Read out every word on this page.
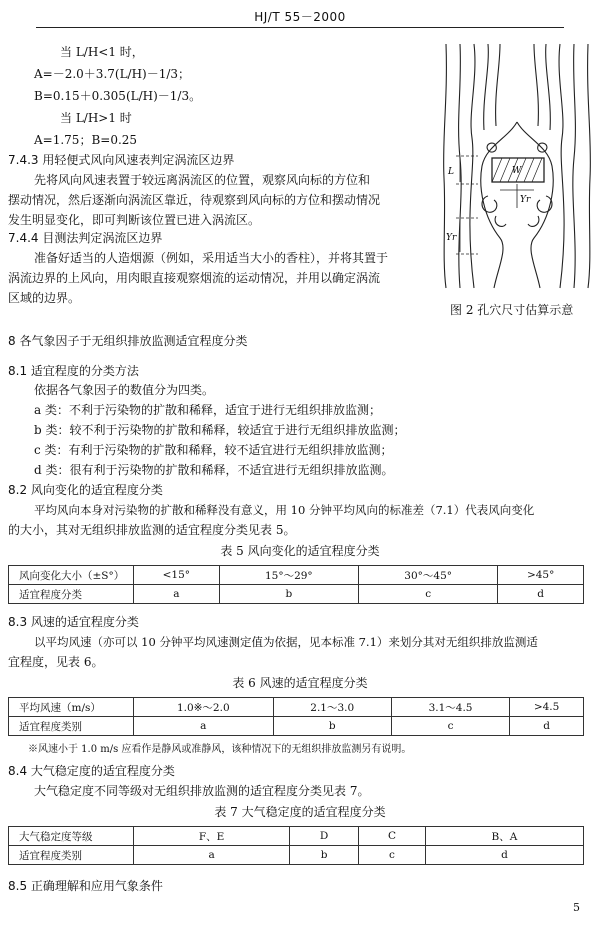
HJ/T 55－2000
当 L/H<1 时，
A=－2.0＋3.7(L/H)－1/3；
B=0.15＋0.305(L/H)－1/3。
当 L/H>1 时
A=1.75；B=0.25
7.4.3 用轻便式风向风速表判定涡流区边界
先将风向风速表置于较远离涡流区的位置，观察风向标的方位和
摆动情况，然后逐渐向涡流区靠近，待观察到风向标的方位和摆动情况
发生明显变化，即可判断该位置已进入涡流区。
7.4.4 目测法判定涡流区边界
准备好适当的人造烟源（例如，采用适当大小的香柱），并将其置于
涡流边界的上风向，用肉眼直接观察烟流的运动情况，并用以确定涡流
区域的边界。
L	W
Yr
Yr
图 2 孔穴尺寸估算示意
8 各气象因子于无组织排放监测适宜程度分类
8.1 适宜程度的分类方法
依据各气象因子的数值分为四类。
a 类：不利于污染物的扩散和稀释，适宜于进行无组织排放监测；
b 类：较不利于污染物的扩散和稀释，较适宜于进行无组织排放监测；
c 类：有利于污染物的扩散和稀释，较不适宜进行无组织排放监测；
d 类：很有利于污染物的扩散和稀释，不适宜进行无组织排放监测。
8.2 风向变化的适宜程度分类
平均风向本身对污染物的扩散和稀释没有意义，用 10 分钟平均风向的标准差（7.1）代表风向变化
的大小，其对无组织排放监测的适宜程度分类见表 5。
表 5 风向变化的适宜程度分类
风向变化大小（±S°）	<15°	15°～29°	30°～45°	>45°
适宜程度分类	a	b	c	d
8.3 风速的适宜程度分类
以平均风速（亦可以 10 分钟平均风速测定值为依据，见本标准 7.1）来划分其对无组织排放监测适
宜程度，见表 6。
表 6 风速的适宜程度分类
平均风速（m/s）	1.0※～2.0	2.1～3.0	3.1～4.5	>4.5
适宜程度类别	a	b	c	d
※风速小于 1.0 m/s 应看作是静风或准静风，该种情况下的无组织排放监测另有说明。
8.4 大气稳定度的适宜程度分类
大气稳定度不同等级对无组织排放监测的适宜程度分类见表 7。
表 7 大气稳定度的适宜程度分类
大气稳定度等级	F、E	D	C	B、A
适宜程度类别	a	b	c	d
8.5 正确理解和应用气象条件
5
